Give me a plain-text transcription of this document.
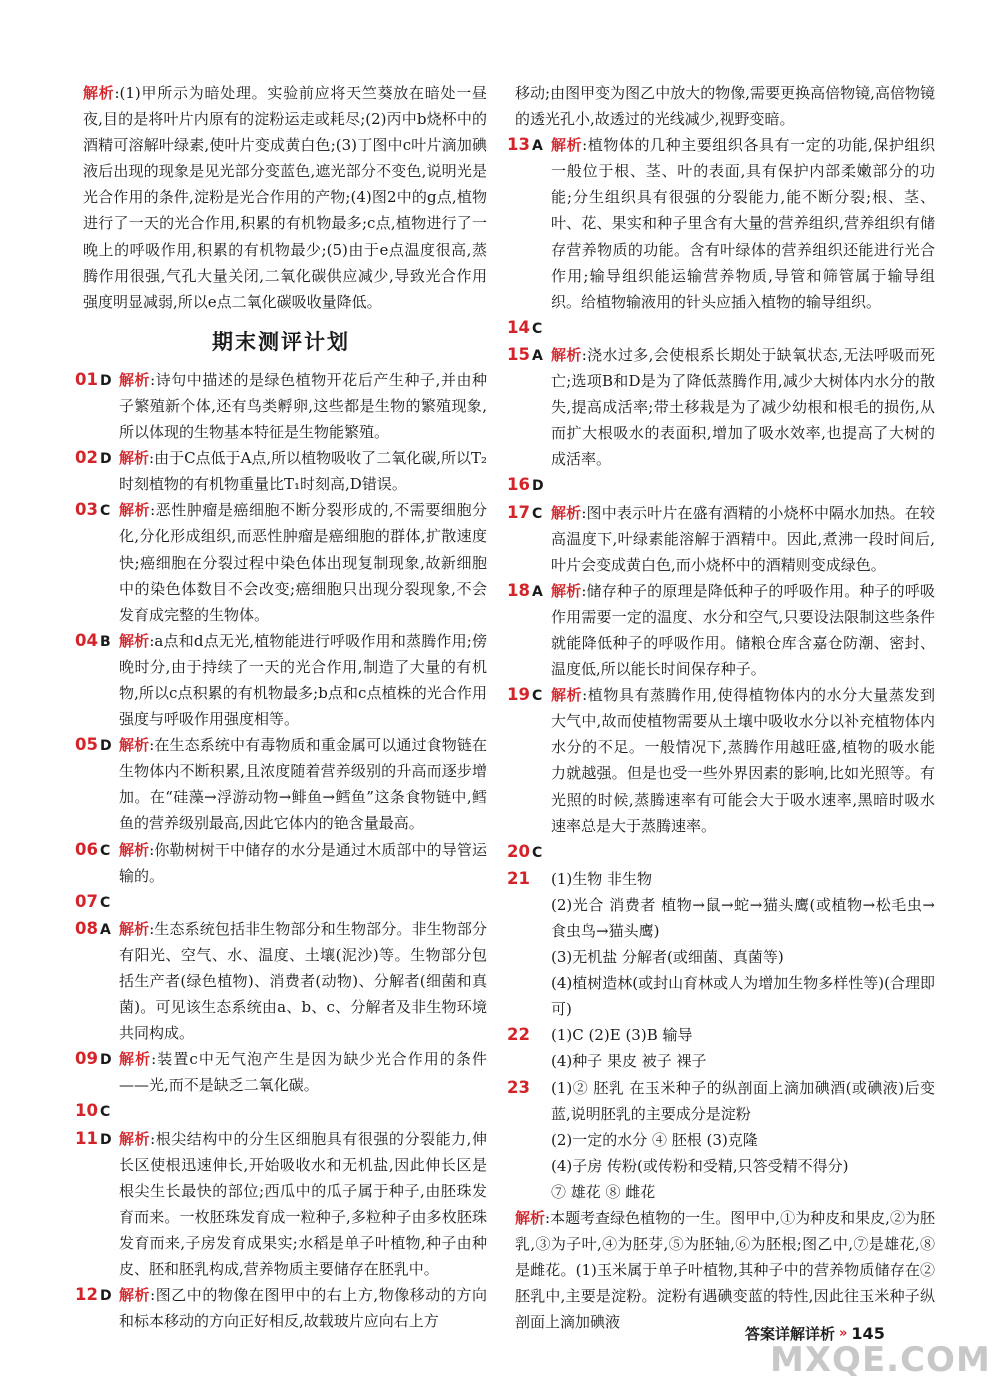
解析:(1)甲所示为暗处理。实验前应将天竺葵放在暗处一昼夜,目的是将叶片内原有的淀粉运走或耗尽;(2)丙中b烧杯中的酒精可溶解叶绿素,使叶片变成黄白色;(3)丁图中c叶片滴加碘液后出现的现象是见光部分变蓝色,遮光部分不变色,说明光是光合作用的条件,淀粉是光合作用的产物;(4)图2中的g点,植物进行了一天的光合作用,积累的有机物最多;c点,植物进行了一晚上的呼吸作用,积累的有机物最少;(5)由于e点温度很高,蒸腾作用很强,气孔大量关闭,二氧化碳供应减少,导致光合作用强度明显减弱,所以e点二氧化碳吸收量降低。

期末测评计划
01 D 解析:诗句中描述的是绿色植物开花后产生种子,并由种子繁殖新个体,还有鸟类孵卵,这些都是生物的繁殖现象,所以体现的生物基本特征是生物能繁殖。
02 D 解析:由于C点低于A点,所以植物吸收了二氧化碳,所以T₂时刻植物的有机物重量比T₁时刻高,D错误。
03 C 解析:恶性肿瘤是癌细胞不断分裂形成的,不需要细胞分化,分化形成组织,而恶性肿瘤是癌细胞的群体,扩散速度快;癌细胞在分裂过程中染色体出现复制现象,故新细胞中的染色体数目不会改变;癌细胞只出现分裂现象,不会发育成完整的生物体。
04 B 解析:a点和d点无光,植物能进行呼吸作用和蒸腾作用;傍晚时分,由于持续了一天的光合作用,制造了大量的有机物,所以c点积累的有机物最多;b点和c点植株的光合作用强度与呼吸作用强度相等。
05 D 解析:在生态系统中有毒物质和重金属可以通过食物链在生物体内不断积累,且浓度随着营养级别的升高而逐步增加。在“硅藻→浮游动物→鲱鱼→鳕鱼”这条食物链中,鳕鱼的营养级别最高,因此它体内的铯含量最高。
06 C 解析:你勒树树干中储存的水分是通过木质部中的导管运输的。
07 C
08 A 解析:生态系统包括非生物部分和生物部分。非生物部分有阳光、空气、水、温度、土壤(泥沙)等。生物部分包括生产者(绿色植物)、消费者(动物)、分解者(细菌和真菌)。可见该生态系统由a、b、c、分解者及非生物环境共同构成。
09 D 解析:装置c中无气泡产生是因为缺少光合作用的条件——光,而不是缺乏二氧化碳。
10 C
11 D 解析:根尖结构中的分生区细胞具有很强的分裂能力,伸长区使根迅速伸长,开始吸收水和无机盐,因此伸长区是根尖生长最快的部位;西瓜中的瓜子属于种子,由胚珠发育而来。一枚胚珠发育成一粒种子,多粒种子由多枚胚珠发育而来,子房发育成果实;水稻是单子叶植物,种子由种皮、胚和胚乳构成,营养物质主要储存在胚乳中。
12 D 解析:图乙中的物像在图甲中的右上方,物像移动的方向和标本移动的方向正好相反,故载玻片应向右上方

移动;由图甲变为图乙中放大的物像,需要更换高倍物镜,高倍物镜的透光孔小,故透过的光线减少,视野变暗。

13 A 解析:植物体的几种主要组织各具有一定的功能,保护组织一般位于根、茎、叶的表面,具有保护内部柔嫩部分的功能;分生组织具有很强的分裂能力,能不断分裂;根、茎、叶、花、果实和种子里含有大量的营养组织,营养组织有储存营养物质的功能。含有叶绿体的营养组织还能进行光合作用;输导组织能运输营养物质,导管和筛管属于输导组织。给植物输液用的针头应插入植物的输导组织。
14 C
15 A 解析:浇水过多,会使根系长期处于缺氧状态,无法呼吸而死亡;选项B和D是为了降低蒸腾作用,减少大树体内水分的散失,提高成活率;带土移栽是为了减少幼根和根毛的损伤,从而扩大根吸水的表面积,增加了吸水效率,也提高了大树的成活率。
16 D
17 C 解析:图中表示叶片在盛有酒精的小烧杯中隔水加热。在较高温度下,叶绿素能溶解于酒精中。因此,煮沸一段时间后,叶片会变成黄白色,而小烧杯中的酒精则变成绿色。
18 A 解析:储存种子的原理是降低种子的呼吸作用。种子的呼吸作用需要一定的温度、水分和空气,只要设法限制这些条件就能降低种子的呼吸作用。储粮仓库含嘉仓防潮、密封、温度低,所以能长时间保存种子。
19 C 解析:植物具有蒸腾作用,使得植物体内的水分大量蒸发到大气中,故而使植物需要从土壤中吸收水分以补充植物体内水分的不足。一般情况下,蒸腾作用越旺盛,植物的吸水能力就越强。但是也受一些外界因素的影响,比如光照等。有光照的时候,蒸腾速率有可能会大于吸水速率,黑暗时吸水速率总是大于蒸腾速率。
20 C
21	(1)生物 非生物
(2)光合 消费者 植物→鼠→蛇→猫头鹰(或植物→松毛虫→食虫鸟→猫头鹰)
(3)无机盐 分解者(或细菌、真菌等)
(4)植树造林(或封山育林或人为增加生物多样性等)(合理即可)
22	(1)C (2)E (3)B 输导
(4)种子 果皮 被子 裸子
23	(1)② 胚乳 在玉米种子的纵剖面上滴加碘酒(或碘液)后变蓝,说明胚乳的主要成分是淀粉
(2)一定的水分 ④ 胚根 (3)克隆
(4)子房 传粉(或传粉和受精,只答受精不得分)
⑦ 雄花 ⑧ 雌花

解析:本题考查绿色植物的一生。图甲中,①为种皮和果皮,②为胚乳,③为子叶,④为胚芽,⑤为胚轴,⑥为胚根;图乙中,⑦是雄花,⑧是雌花。(1)玉米属于单子叶植物,其种子中的营养物质储存在②胚乳中,主要是淀粉。淀粉有遇碘变蓝的特性,因此往玉米种子纵剖面上滴加碘液

答案详解详析 » 145
MXQE.COM
